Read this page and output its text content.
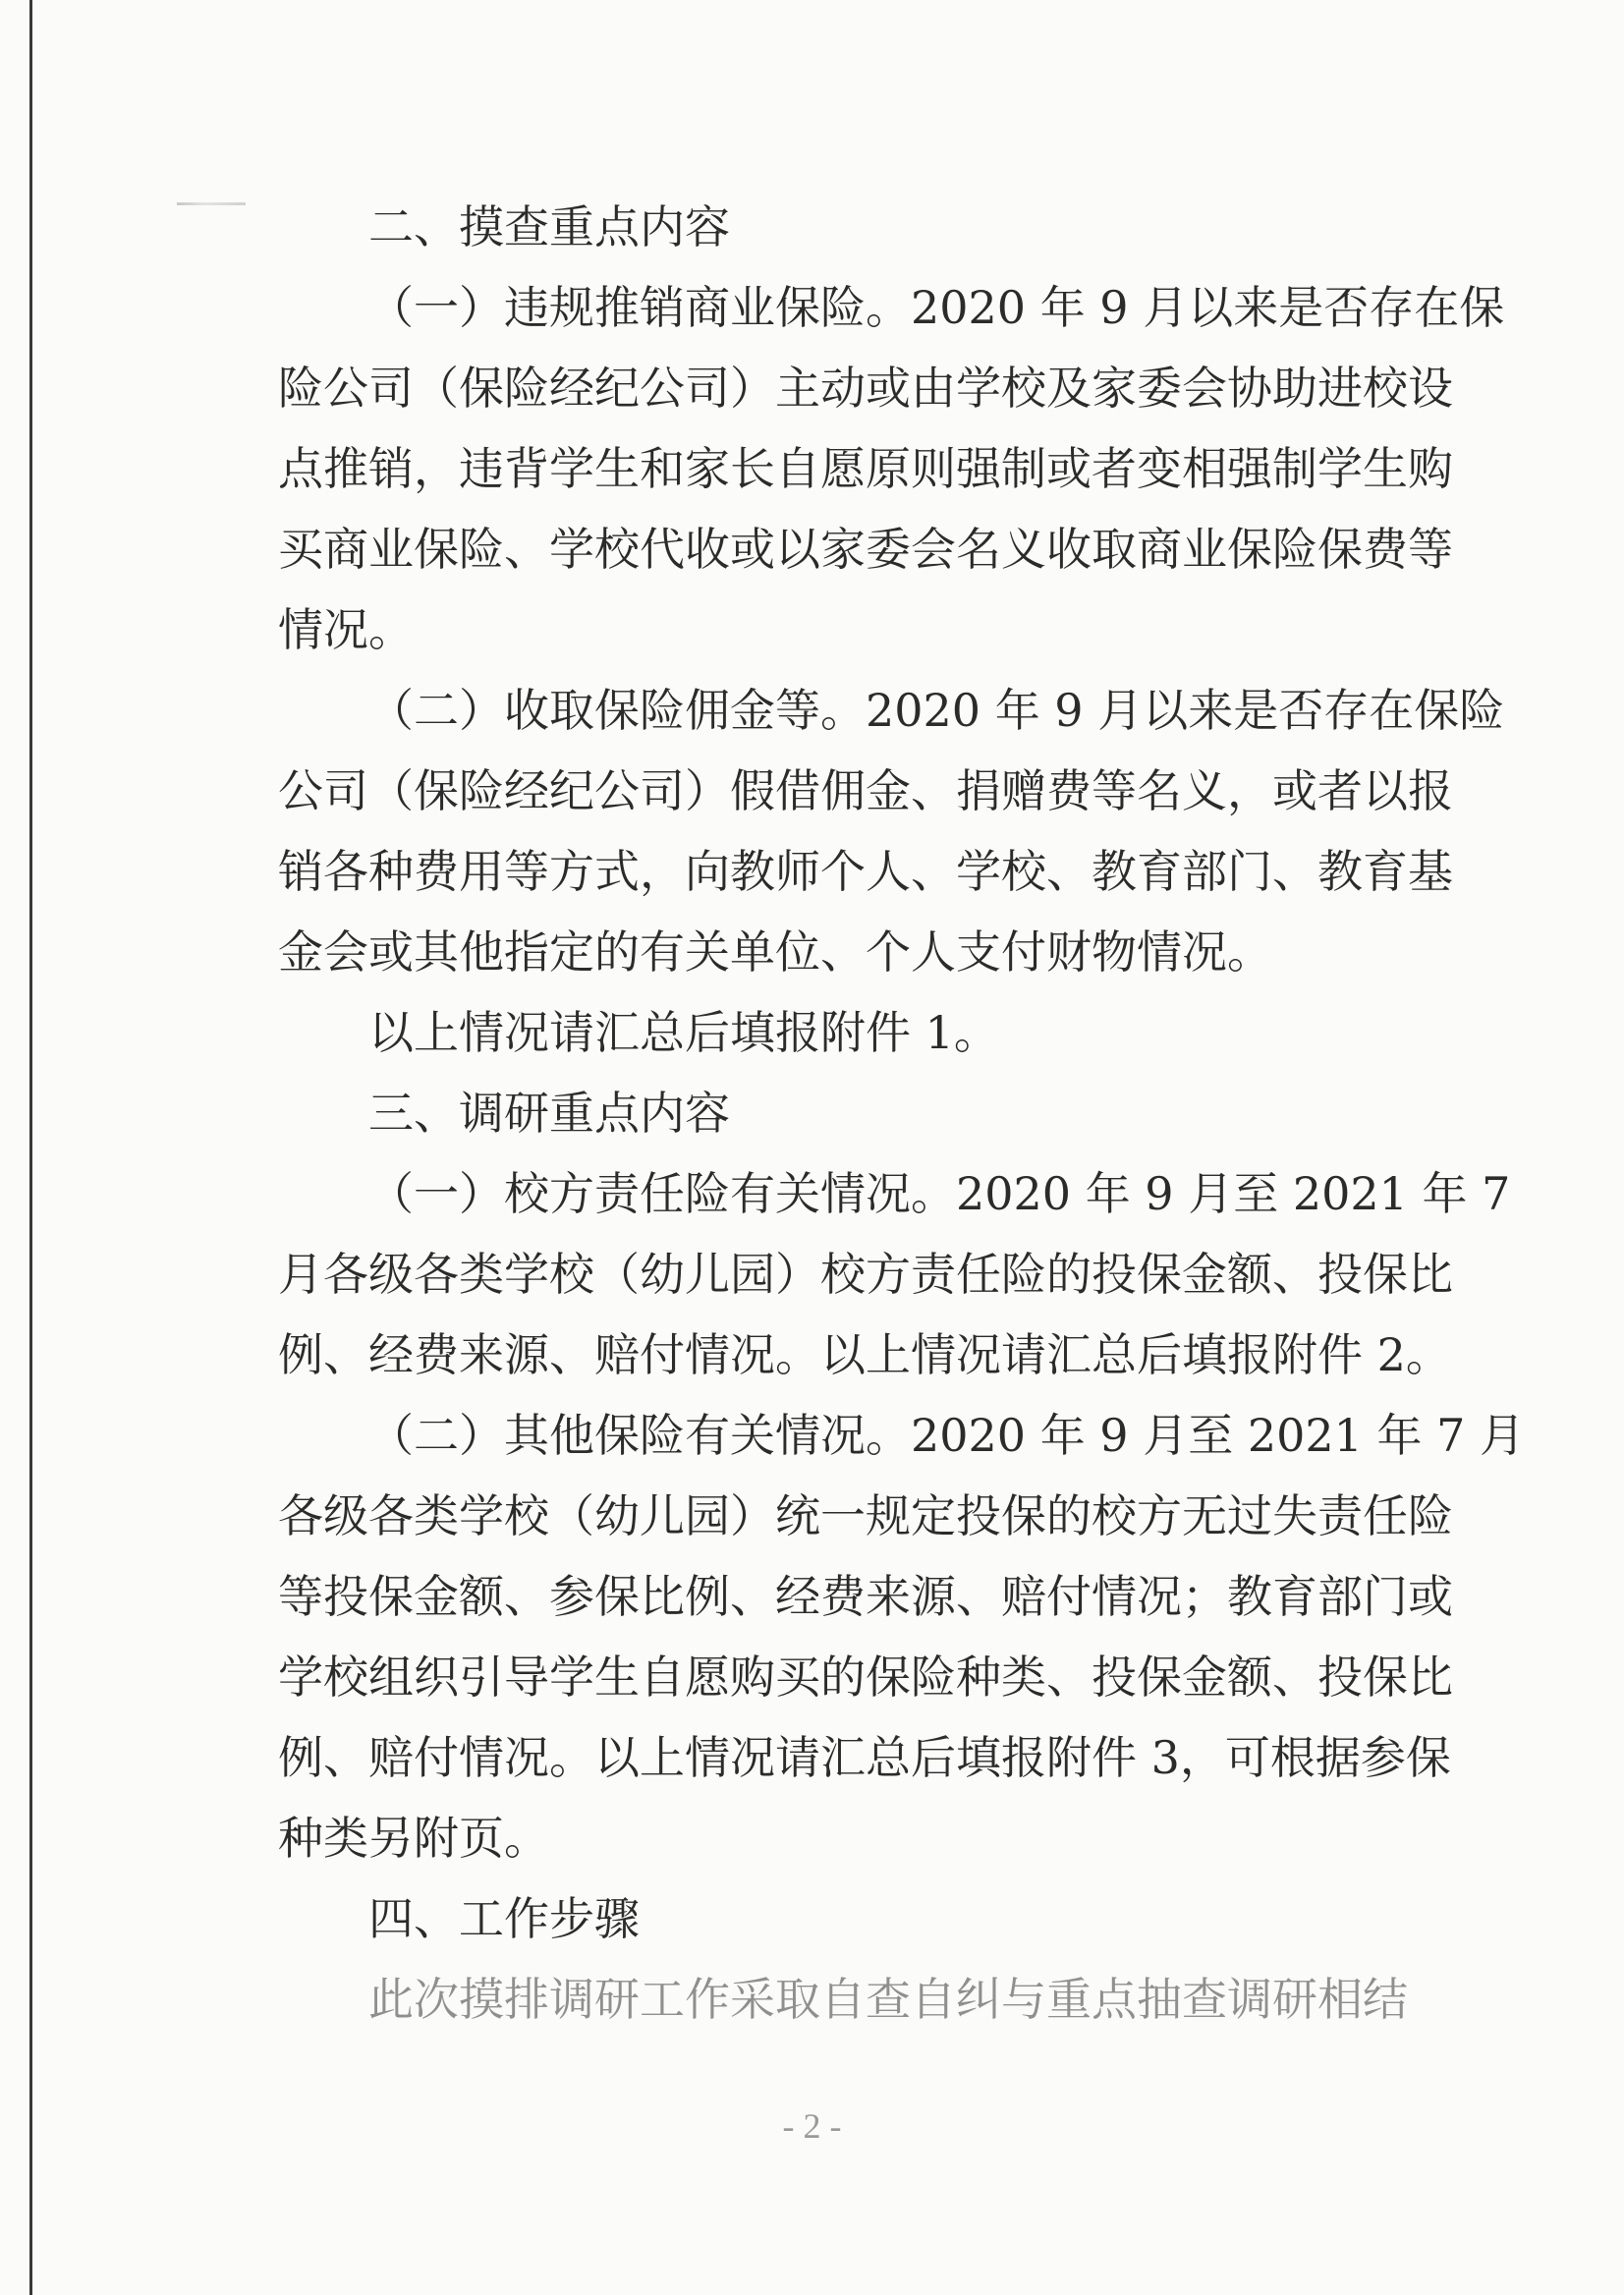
二、摸查重点内容
（一）违规推销商业保险。2020 年 9 月以来是否存在保
险公司（保险经纪公司）主动或由学校及家委会协助进校设
点推销，违背学生和家长自愿原则强制或者变相强制学生购
买商业保险、学校代收或以家委会名义收取商业保险保费等
情况。
（二）收取保险佣金等。2020 年 9 月以来是否存在保险
公司（保险经纪公司）假借佣金、捐赠费等名义，或者以报
销各种费用等方式，向教师个人、学校、教育部门、教育基
金会或其他指定的有关单位、个人支付财物情况。
以上情况请汇总后填报附件 1。
三、调研重点内容
（一）校方责任险有关情况。2020 年 9 月至 2021 年 7
月各级各类学校（幼儿园）校方责任险的投保金额、投保比
例、经费来源、赔付情况。以上情况请汇总后填报附件 2。
（二）其他保险有关情况。2020 年 9 月至 2021 年 7 月
各级各类学校（幼儿园）统一规定投保的校方无过失责任险
等投保金额、参保比例、经费来源、赔付情况；教育部门或
学校组织引导学生自愿购买的保险种类、投保金额、投保比
例、赔付情况。以上情况请汇总后填报附件 3，可根据参保
种类另附页。
四、工作步骤
此次摸排调研工作采取自查自纠与重点抽查调研相结
- 2 -
